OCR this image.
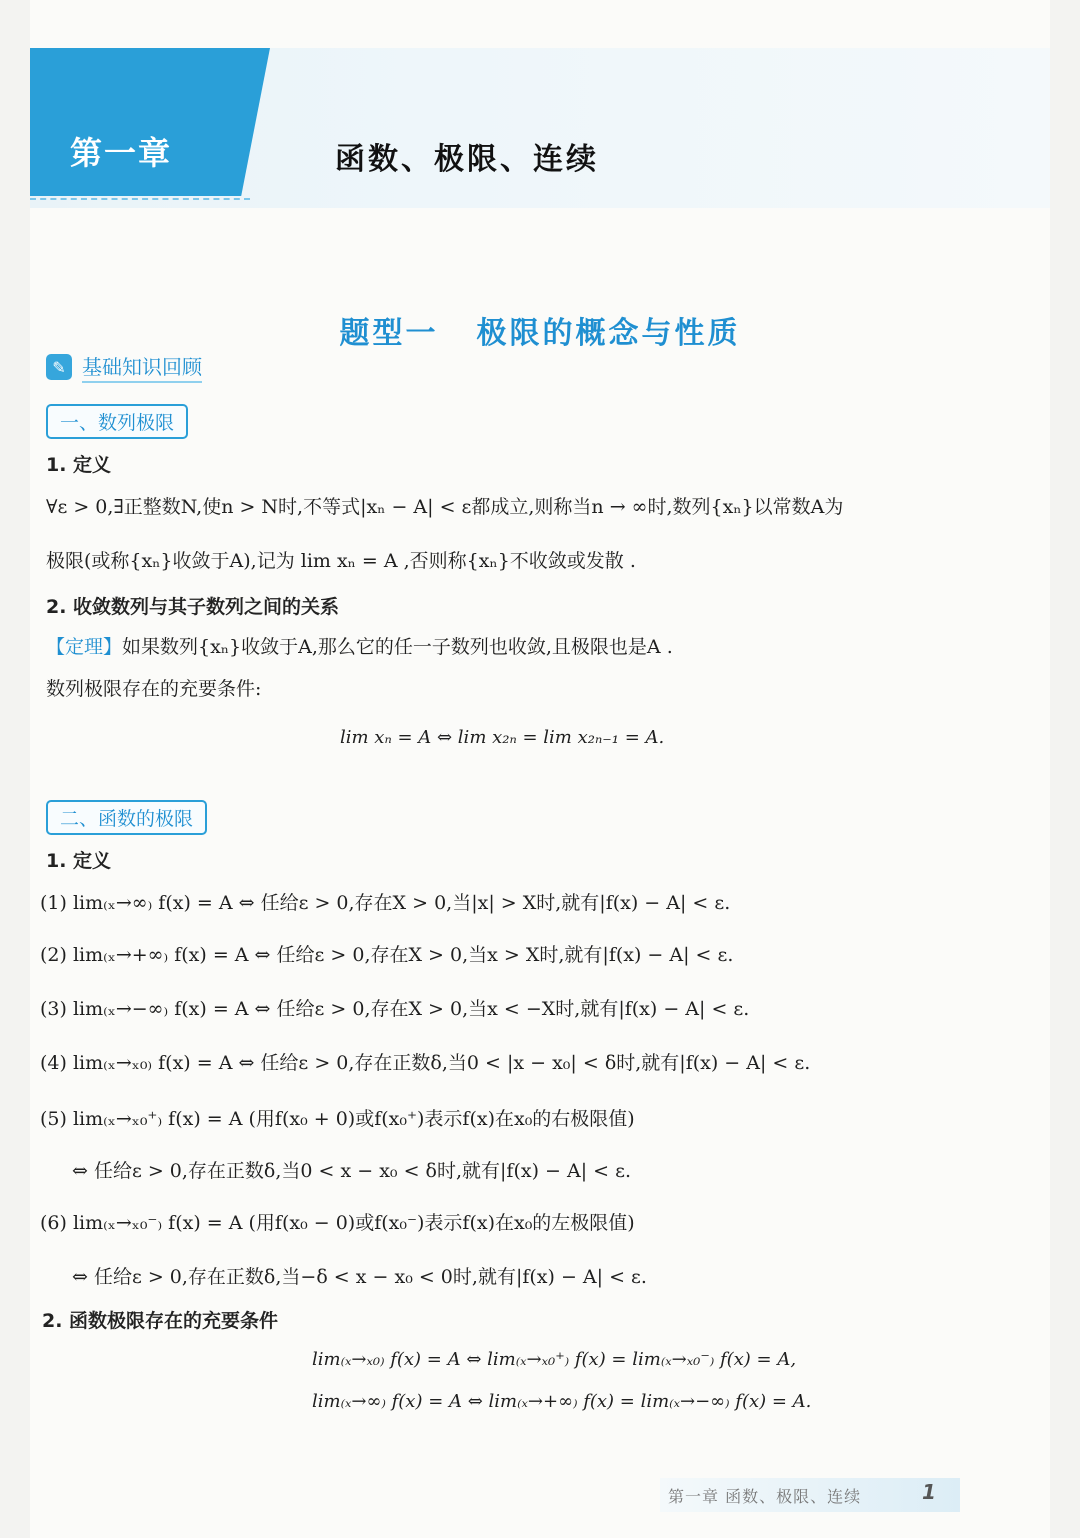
第一章	函数、极限、连续
题型一 极限的概念与性质
✎ 基础知识回顾
一、数列极限
1. 定义
∀ε > 0,∃正整数N,使n > N时,不等式|xₙ − A| < ε都成立,则称当n → ∞时,数列{xₙ}以常数A为
极限(或称{xₙ}收敛于A),记为 lim xₙ = A ,否则称{xₙ}不收敛或发散 .
2. 收敛数列与其子数列之间的关系
【定理】如果数列{xₙ}收敛于A,那么它的任一子数列也收敛,且极限也是A .
数列极限存在的充要条件:
lim xₙ = A ⇔ lim x₂ₙ = lim x₂ₙ₋₁ = A.
二、函数的极限
1. 定义
(1) lim₍ₓ→∞₎ f(x) = A ⇔ 任给ε > 0,存在X > 0,当|x| > X时,就有|f(x) − A| < ε.
(2) lim₍ₓ→+∞₎ f(x) = A ⇔ 任给ε > 0,存在X > 0,当x > X时,就有|f(x) − A| < ε.
(3) lim₍ₓ→−∞₎ f(x) = A ⇔ 任给ε > 0,存在X > 0,当x < −X时,就有|f(x) − A| < ε.
(4) lim₍ₓ→ₓ₀₎ f(x) = A ⇔ 任给ε > 0,存在正数δ,当0 < |x − x₀| < δ时,就有|f(x) − A| < ε.
(5) lim₍ₓ→ₓ₀⁺₎ f(x) = A (用f(x₀ + 0)或f(x₀⁺)表示f(x)在x₀的右极限值)
⇔ 任给ε > 0,存在正数δ,当0 < x − x₀ < δ时,就有|f(x) − A| < ε.
(6) lim₍ₓ→ₓ₀⁻₎ f(x) = A (用f(x₀ − 0)或f(x₀⁻)表示f(x)在x₀的左极限值)
⇔ 任给ε > 0,存在正数δ,当−δ < x − x₀ < 0时,就有|f(x) − A| < ε.
2. 函数极限存在的充要条件
lim₍ₓ→ₓ₀₎ f(x) = A ⇔ lim₍ₓ→ₓ₀⁺₎ f(x) = lim₍ₓ→ₓ₀⁻₎ f(x) = A,
lim₍ₓ→∞₎ f(x) = A ⇔ lim₍ₓ→+∞₎ f(x) = lim₍ₓ→−∞₎ f(x) = A.
第一章 函数、极限、连续	1
